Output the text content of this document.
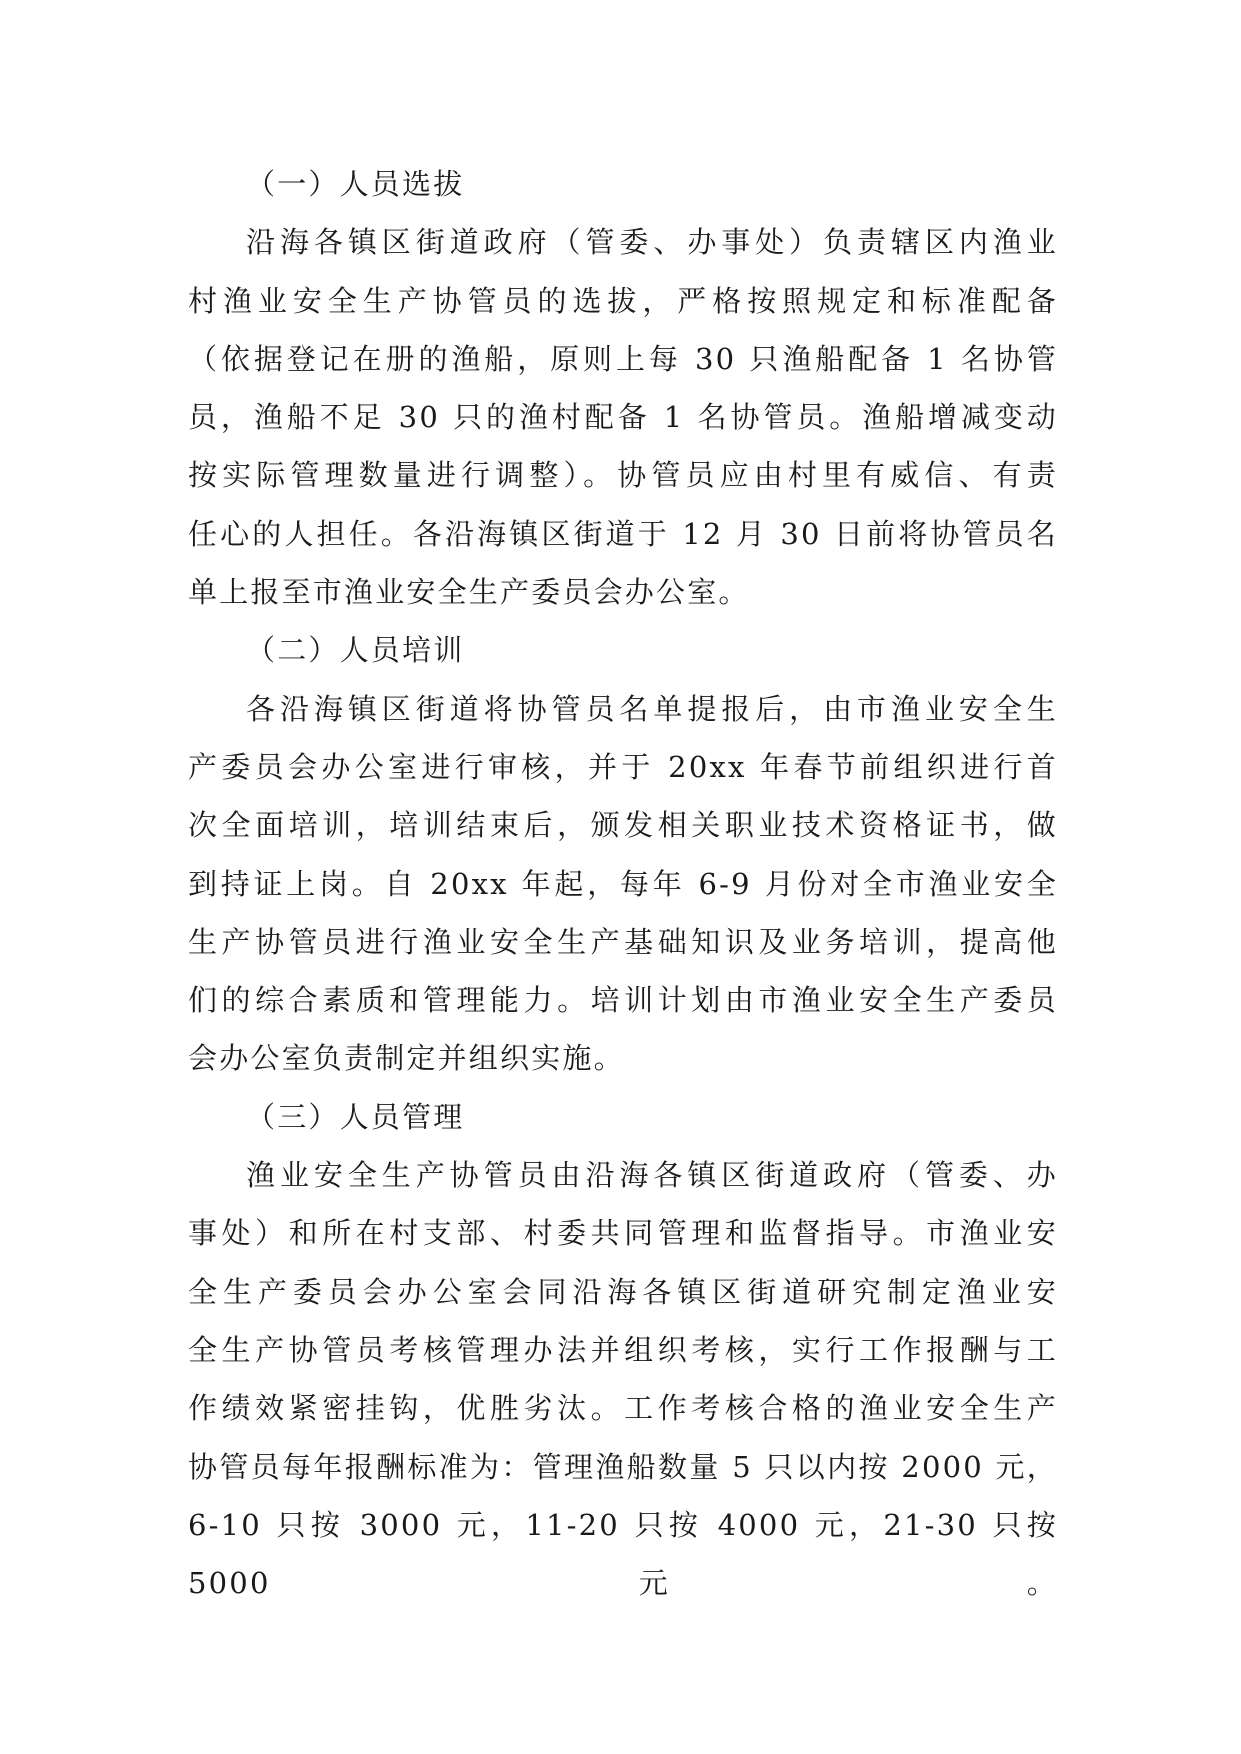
（一）人员选拔
沿海各镇区街道政府（管委、办事处）负责辖区内渔业
村渔业安全生产协管员的选拔，严格按照规定和标准配备
（依据登记在册的渔船，原则上每 30 只渔船配备 1 名协管
员，渔船不足 30 只的渔村配备 1 名协管员。渔船增减变动
按实际管理数量进行调整）。协管员应由村里有威信、有责
任心的人担任。各沿海镇区街道于 12 月 30 日前将协管员名
单上报至市渔业安全生产委员会办公室。
（二）人员培训
各沿海镇区街道将协管员名单提报后，由市渔业安全生
产委员会办公室进行审核，并于 20xx 年春节前组织进行首
次全面培训，培训结束后，颁发相关职业技术资格证书，做
到持证上岗。自 20xx 年起，每年 6-9 月份对全市渔业安全
生产协管员进行渔业安全生产基础知识及业务培训，提高他
们的综合素质和管理能力。培训计划由市渔业安全生产委员
会办公室负责制定并组织实施。
（三）人员管理
渔业安全生产协管员由沿海各镇区街道政府（管委、办
事处）和所在村支部、村委共同管理和监督指导。市渔业安
全生产委员会办公室会同沿海各镇区街道研究制定渔业安
全生产协管员考核管理办法并组织考核，实行工作报酬与工
作绩效紧密挂钩，优胜劣汰。工作考核合格的渔业安全生产
协管员每年报酬标准为：管理渔船数量 5 只以内按 2000 元，
6-10 只按 3000 元，11-20 只按 4000 元，21-30 只按 5000 元。
